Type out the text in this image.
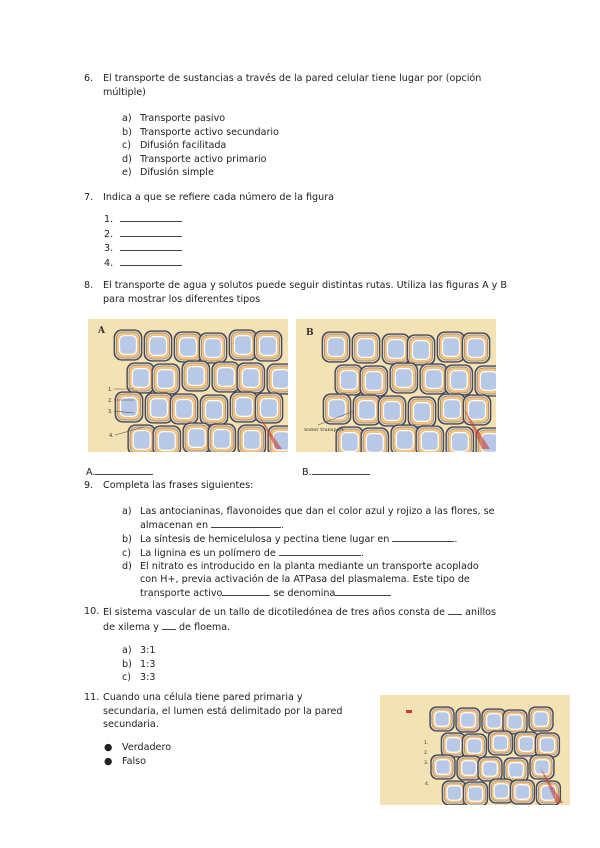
6. El transporte de sustancias a través de la pared celular tiene lugar por (opción múltiple)
a) Transporte pasivo
b) Transporte activo secundario
c) Difusión facilitada
d) Transporte activo primario
e) Difusión simple
7. Indica a que se refiere cada número de la figura
1.
2.
3.
4.
8. El transporte de agua y solutos puede seguir distintas rutas. Utiliza las figuras A y B para mostrar los diferentes tipos
A
1.
2.
3.
4.
B
water transport
A.	B.
9. Completa las frases siguientes:
a) Las antocianinas, flavonoides que dan el color azul y rojizo a las flores, se
almacenan en	.
b) La síntesis de hemicelulosa y pectina tiene lugar en	.
c) La lignina es un polímero de	.
d) El nitrato es introducido en la planta mediante un transporte acoplado
con H+, previa activación de la ATPasa del plasmalema. Este tipo de
transporte activo	se denomina
10. El sistema vascular de un tallo de dicotiledónea de tres años consta de anillos
de xilema y de floema.
a) 3:1
b) 1:3
c) 3:3
11. Cuando una célula tiene pared primaria y
secundaria, el lumen está delimitado por la pared
secundaria.
● Verdadero
● Falso
1.
2.
3.
4.
